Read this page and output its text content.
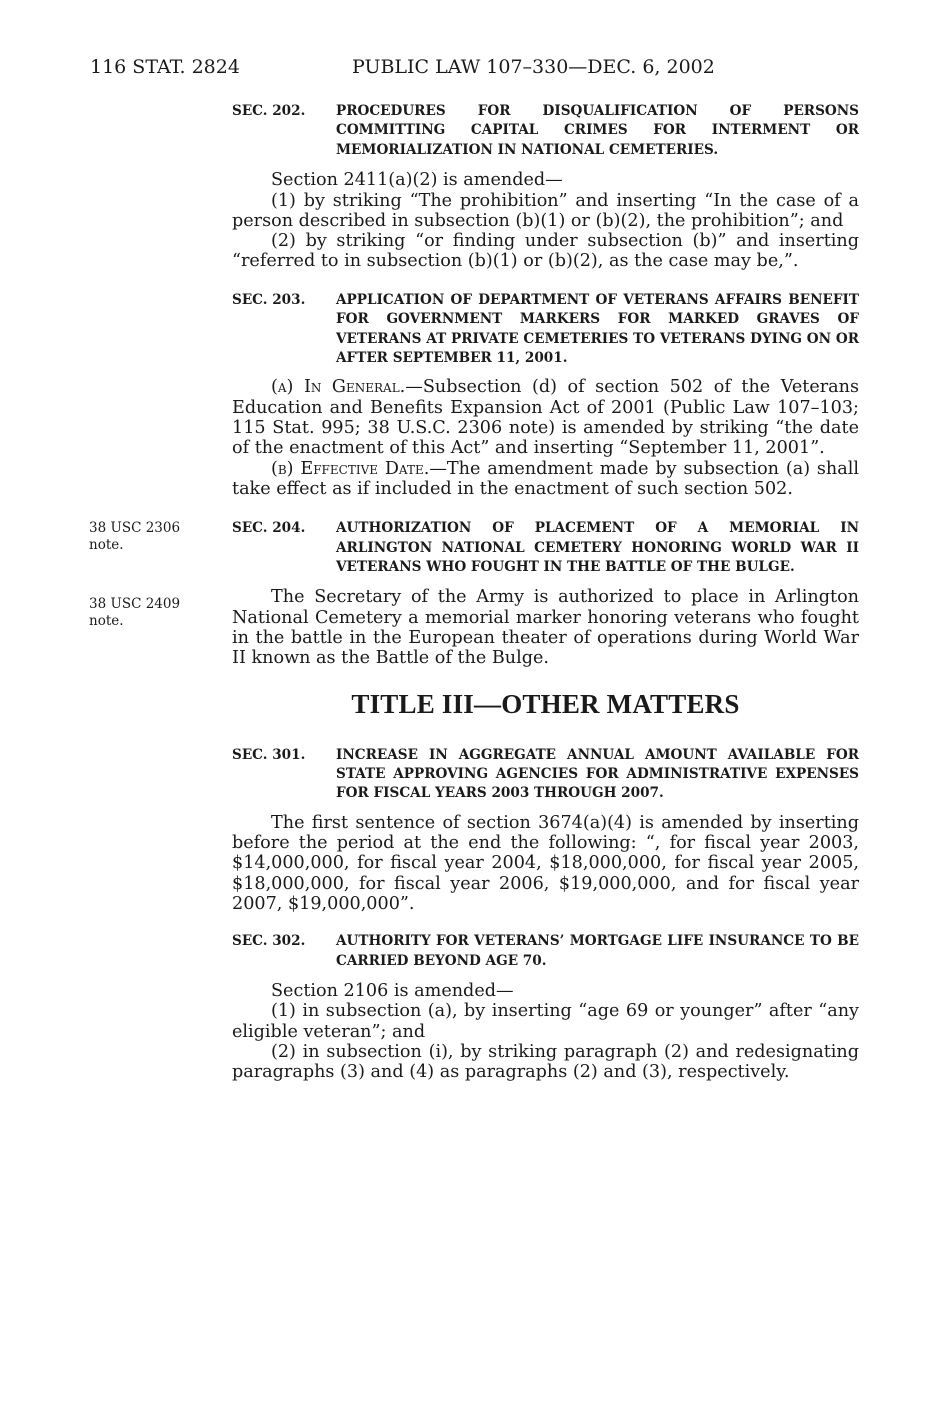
116 STAT. 2824	PUBLIC LAW 107–330—DEC. 6, 2002
38 USC 2306
note.
38 USC 2409
note.
SEC. 202. PROCEDURES FOR DISQUALIFICATION OF PERSONS COMMITTING CAPITAL CRIMES FOR INTERMENT OR MEMORIALIZATION IN NATIONAL CEMETERIES.

Section 2411(a)(2) is amended—

(1) by striking “The prohibition” and inserting “In the case of a person described in subsection (b)(1) or (b)(2), the prohibition”; and

(2) by striking “or finding under subsection (b)” and inserting “referred to in subsection (b)(1) or (b)(2), as the case may be,”.

SEC. 203. APPLICATION OF DEPARTMENT OF VETERANS AFFAIRS BENEFIT FOR GOVERNMENT MARKERS FOR MARKED GRAVES OF VETERANS AT PRIVATE CEMETERIES TO VETERANS DYING ON OR AFTER SEPTEMBER 11, 2001.

(a) In General.—Subsection (d) of section 502 of the Veterans Education and Benefits Expansion Act of 2001 (Public Law 107–103; 115 Stat. 995; 38 U.S.C. 2306 note) is amended by striking “the date of the enactment of this Act” and inserting “September 11, 2001”.

(b) Effective Date.—The amendment made by subsection (a) shall take effect as if included in the enactment of such section 502.

SEC. 204. AUTHORIZATION OF PLACEMENT OF A MEMORIAL IN ARLINGTON NATIONAL CEMETERY HONORING WORLD WAR II VETERANS WHO FOUGHT IN THE BATTLE OF THE BULGE.

The Secretary of the Army is authorized to place in Arlington National Cemetery a memorial marker honoring veterans who fought in the battle in the European theater of operations during World War II known as the Battle of the Bulge.

TITLE III—OTHER MATTERS
SEC. 301. INCREASE IN AGGREGATE ANNUAL AMOUNT AVAILABLE FOR STATE APPROVING AGENCIES FOR ADMINISTRATIVE EXPENSES FOR FISCAL YEARS 2003 THROUGH 2007.

The first sentence of section 3674(a)(4) is amended by inserting before the period at the end the following: “, for fiscal year 2003, $14,000,000, for fiscal year 2004, $18,000,000, for fiscal year 2005, $18,000,000, for fiscal year 2006, $19,000,000, and for fiscal year 2007, $19,000,000”.

SEC. 302. AUTHORITY FOR VETERANS’ MORTGAGE LIFE INSURANCE TO BE CARRIED BEYOND AGE 70.

Section 2106 is amended—

(1) in subsection (a), by inserting “age 69 or younger” after “any eligible veteran”; and

(2) in subsection (i), by striking paragraph (2) and redesignating paragraphs (3) and (4) as paragraphs (2) and (3), respectively.
